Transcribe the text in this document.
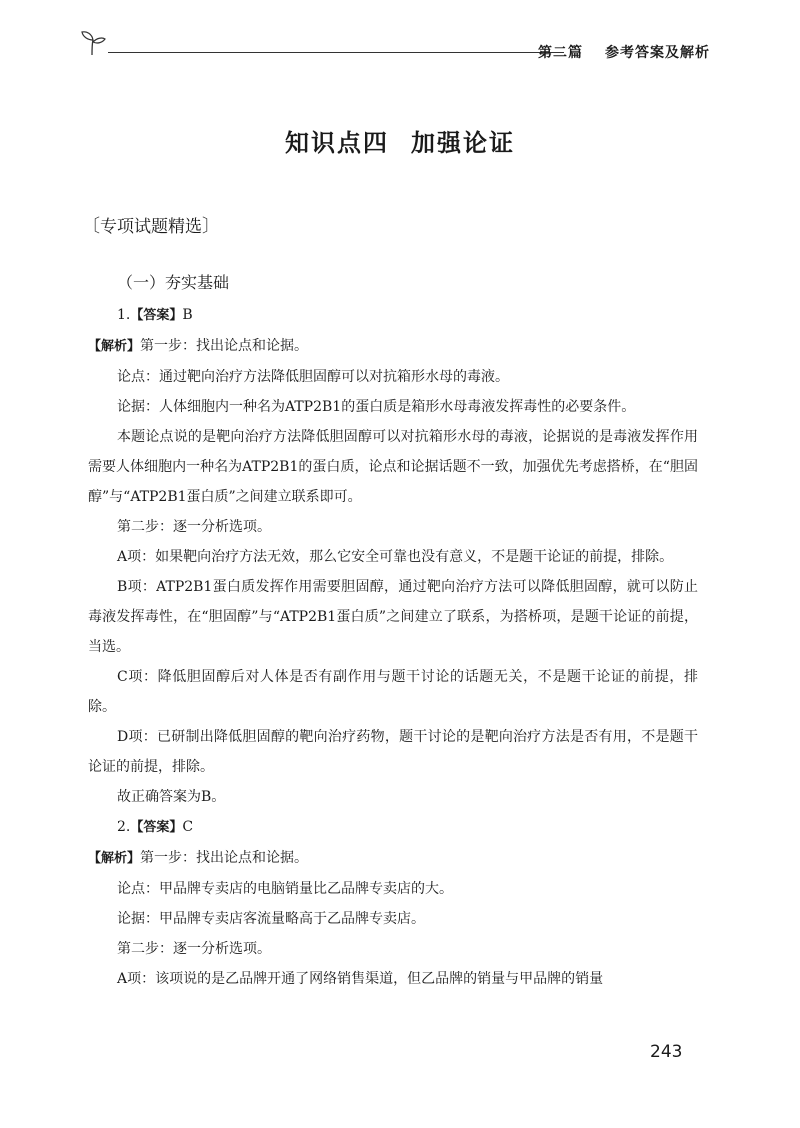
第二篇 参考答案及解析
知识点四 加强论证
〔专项试题精选〕
（一）夯实基础

1.【答案】B

【解析】第一步：找出论点和论据。

论点：通过靶向治疗方法降低胆固醇可以对抗箱形水母的毒液。

论据：人体细胞内一种名为ATP2B1的蛋白质是箱形水母毒液发挥毒性的必要条件。

本题论点说的是靶向治疗方法降低胆固醇可以对抗箱形水母的毒液，论据说的是毒液发挥作用需要人体细胞内一种名为ATP2B1的蛋白质，论点和论据话题不一致，加强优先考虑搭桥，在“胆固醇”与“ATP2B1蛋白质”之间建立联系即可。

第二步：逐一分析选项。

A项：如果靶向治疗方法无效，那么它安全可靠也没有意义，不是题干论证的前提，排除。

B项：ATP2B1蛋白质发挥作用需要胆固醇，通过靶向治疗方法可以降低胆固醇，就可以防止毒液发挥毒性，在“胆固醇”与“ATP2B1蛋白质”之间建立了联系，为搭桥项，是题干论证的前提，当选。

C项：降低胆固醇后对人体是否有副作用与题干讨论的话题无关，不是题干论证的前提，排除。

D项：已研制出降低胆固醇的靶向治疗药物，题干讨论的是靶向治疗方法是否有用，不是题干论证的前提，排除。

故正确答案为B。

2.【答案】C

【解析】第一步：找出论点和论据。

论点：甲品牌专卖店的电脑销量比乙品牌专卖店的大。

论据：甲品牌专卖店客流量略高于乙品牌专卖店。

第二步：逐一分析选项。

A项：该项说的是乙品牌开通了网络销售渠道，但乙品牌的销量与甲品牌的销量

243
